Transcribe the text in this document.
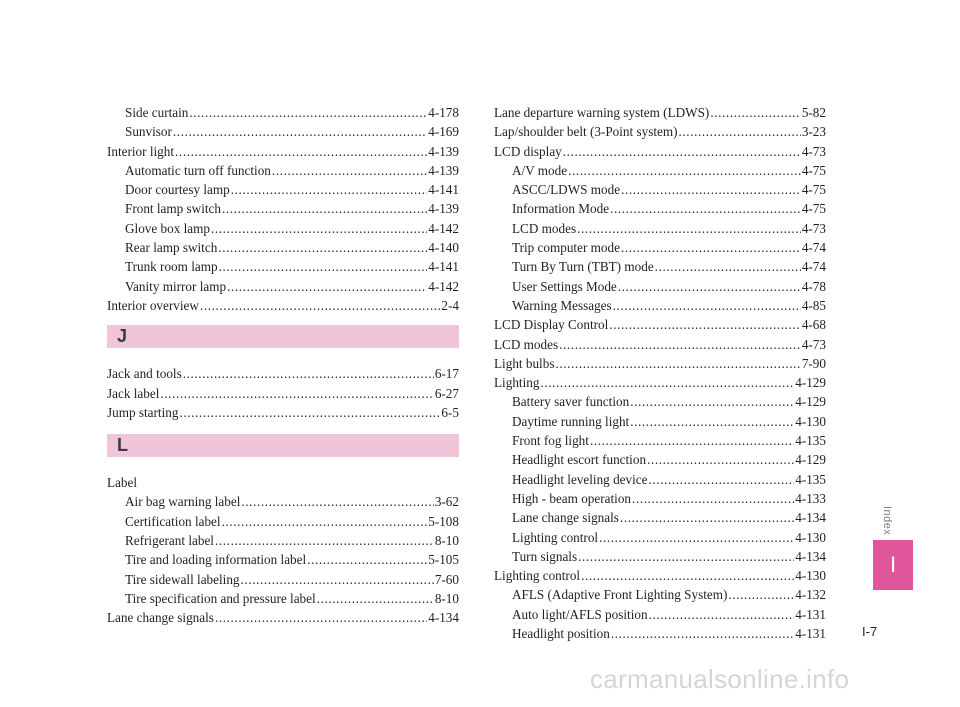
Side curtain .....	4-178
Sunvisor .....	4-169
Interior light .....	4-139
Automatic turn off function .....	4-139
Door courtesy lamp .....	4-141
Front lamp switch .....	4-139
Glove box lamp .....	4-142
Rear lamp switch .....	4-140
Trunk room lamp .....	4-141
Vanity mirror lamp .....	4-142
Interior overview .....	2-4
J
Jack and tools .....	6-17
Jack label .....	6-27
Jump starting .....	6-5
L
Label
Air bag warning label .....	3-62
Certification label .....	5-108
Refrigerant label .....	8-10
Tire and loading information label .....	5-105
Tire sidewall labeling .....	7-60
Tire specification and pressure label .....	8-10
Lane change signals .....	4-134
Lane departure warning system (LDWS) .....	5-82
Lap/shoulder belt (3-Point system) .....	3-23
LCD display .....	4-73
A/V mode .....	4-75
ASCC/LDWS mode .....	4-75
Information Mode .....	4-75
LCD modes .....	4-73
Trip computer mode .....	4-74
Turn By Turn (TBT) mode .....	4-74
User Settings Mode .....	4-78
Warning Messages .....	4-85
LCD Display Control .....	4-68
LCD modes .....	4-73
Light bulbs .....	7-90
Lighting .....	4-129
Battery saver function .....	4-129
Daytime running light .....	4-130
Front fog light .....	4-135
Headlight escort function .....	4-129
Headlight leveling device .....	4-135
High - beam operation .....	4-133
Lane change signals .....	4-134
Lighting control .....	4-130
Turn signals .....	4-134
Lighting control .....	4-130
AFLS (Adaptive Front Lighting System) .....	4-132
Auto light/AFLS position .....	4-131
Headlight position .....	4-131
Index
I
I-7
carmanualsonline.info
